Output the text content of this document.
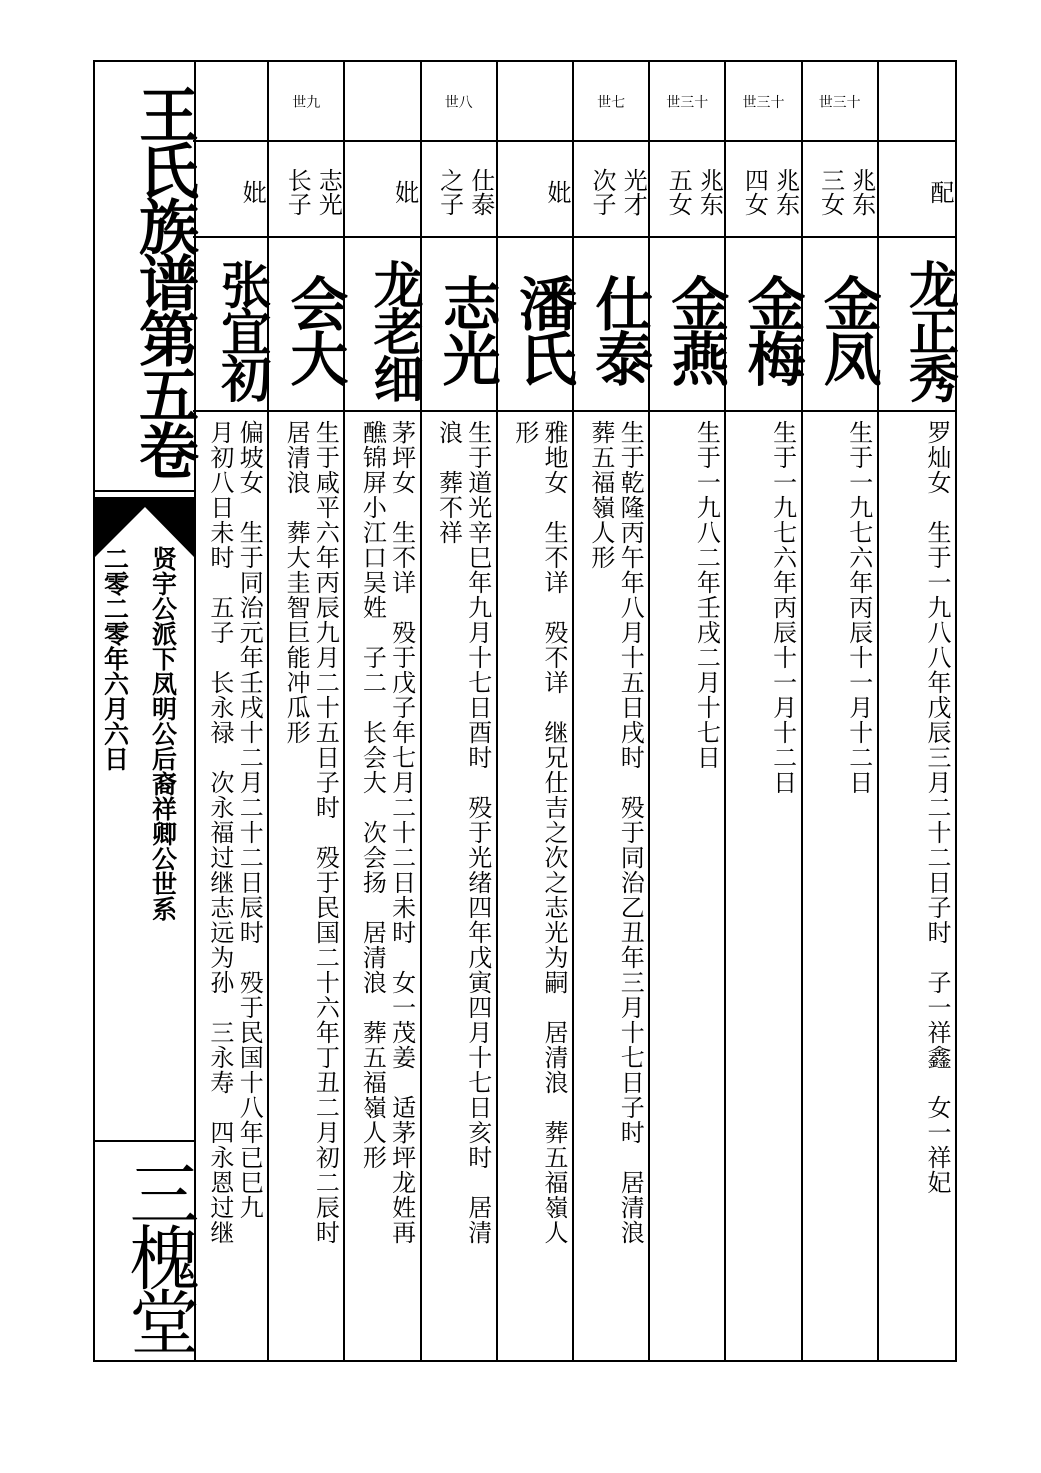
王氏族谱第五卷
贤宇公派下凤明公后裔祥卿公世系
二零二零年六月六日
三槐堂
配
龙正秀
罗灿女　生于一九八八年戊辰三月二十二日子时　子一祥鑫　女一祥妃
世三十
兆东
三女
金凤
生于一九七六年丙辰十一月十二日
世三十
兆东
四女
金梅
生于一九七六年丙辰十一月十二日
世三十
兆东
五女
金燕
生于一九八二年壬戌二月十七日
世七
光才
次子
仕泰
生于乾隆丙午年八月十五日戌时　殁于同治乙丑年三月十七日子时　居清浪
葬五福嶺人形
妣
潘氏
雅地女　生不详　殁不详　继兄仕吉之次之志光为嗣　居清浪　葬五福嶺人
形
世八
仕泰
之子
志光
生于道光辛巳年九月十七日酉时　殁于光绪四年戊寅四月十七日亥时　居清
浪　葬不祥
妣
龙老细
茅坪女　生不详　殁于戊子年七月二十二日未时　女一茂姜　适茅坪龙姓再
醮锦屏小江口吴姓　子二　长会大　次会扬　居清浪　葬五福嶺人形
世九
志光
长子
会大
生于咸平六年丙辰九月二十五日子时　殁于民国二十六年丁丑二月初二辰时
居清浪　葬大圭智巨能冲瓜形
妣
张宜初
偏坡女　生于同治元年壬戌十二月二十二日辰时　殁于民国十八年已巳九
月初八日未时　五子　长永禄　次永福过继志远为孙　三永寿　四永恩过继
